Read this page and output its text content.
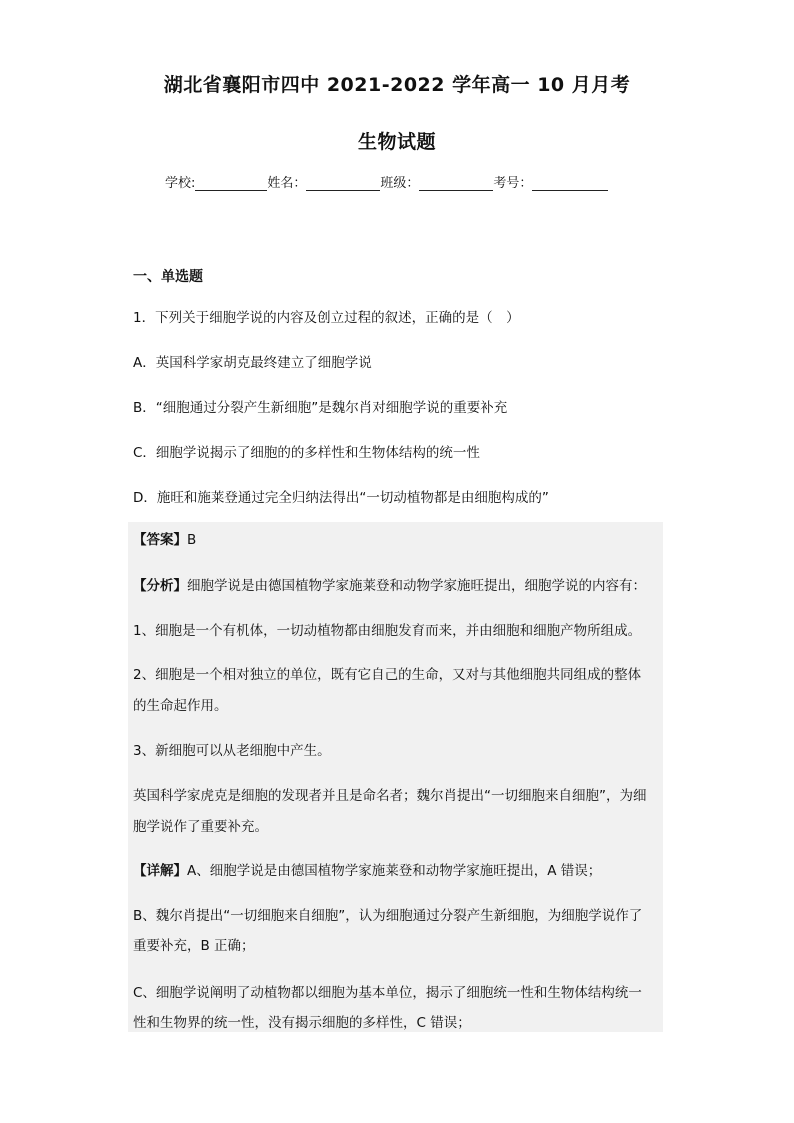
湖北省襄阳市四中 2021-2022 学年高一 10 月月考
生物试题
学校:	姓名：	班级：	考号：
一、单选题
1．下列关于细胞学说的内容及创立过程的叙述，正确的是（　）
A．英国科学家胡克最终建立了细胞学说
B．“细胞通过分裂产生新细胞”是魏尔肖对细胞学说的重要补充
C．细胞学说揭示了细胞的的多样性和生物体结构的统一性
D．施旺和施莱登通过完全归纳法得出“一切动植物都是由细胞构成的”
【答案】B
【分析】细胞学说是由德国植物学家施莱登和动物学家施旺提出，细胞学说的内容有：
1、细胞是一个有机体，一切动植物都由细胞发育而来，并由细胞和细胞产物所组成。
2、细胞是一个相对独立的单位，既有它自己的生命，又对与其他细胞共同组成的整体
的生命起作用。
3、新细胞可以从老细胞中产生。
英国科学家虎克是细胞的发现者并且是命名者；魏尔肖提出“一切细胞来自细胞”，为细
胞学说作了重要补充。
【详解】A、细胞学说是由德国植物学家施莱登和动物学家施旺提出，A 错误；
B、魏尔肖提出“一切细胞来自细胞”，认为细胞通过分裂产生新细胞，为细胞学说作了
重要补充，B 正确；
C、细胞学说阐明了动植物都以细胞为基本单位，揭示了细胞统一性和生物体结构统一
性和生物界的统一性，没有揭示细胞的多样性，C 错误；
